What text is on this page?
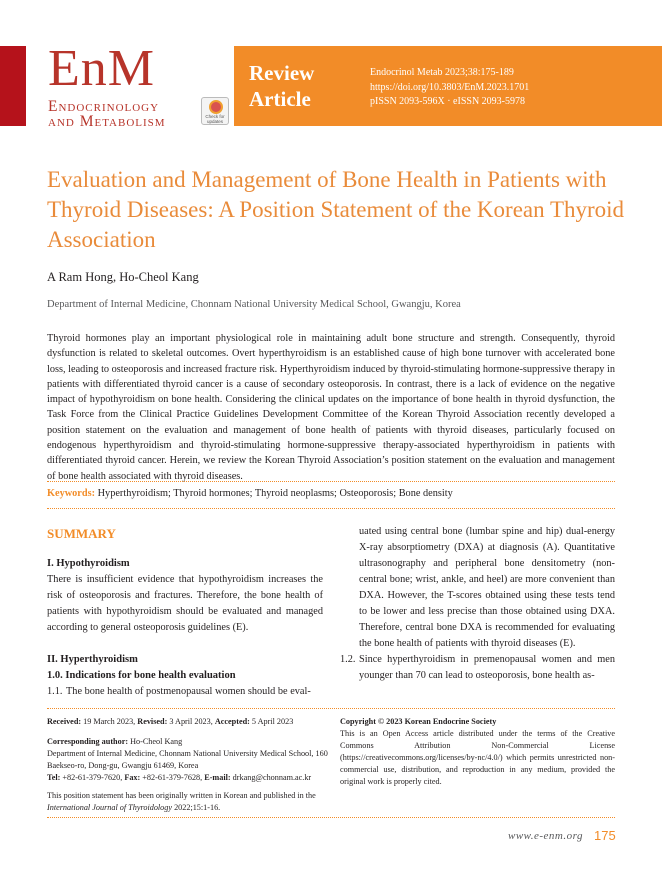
EnM
Endocrinology
and Metabolism	Check for updates
Review
Article
Endocrinol Metab 2023;38:175-189
https://doi.org/10.3803/EnM.2023.1701
pISSN 2093-596X · eISSN 2093-5978
Evaluation and Management of Bone Health in Patients with Thyroid Diseases: A Position Statement of the Korean Thyroid Association
A Ram Hong, Ho-Cheol Kang
Department of Internal Medicine, Chonnam National University Medical School, Gwangju, Korea

Thyroid hormones play an important physiological role in maintaining adult bone structure and strength. Consequently, thyroid dysfunction is related to skeletal outcomes. Overt hyperthyroidism is an established cause of high bone turnover with accelerated bone loss, leading to osteoporosis and increased fracture risk. Hyperthyroidism induced by thyroid-stimulating hormone-suppressive therapy in patients with differentiated thyroid cancer is a cause of secondary osteoporosis. In contrast, there is a lack of evidence on the negative impact of hypothyroidism on bone health. Considering the clinical updates on the importance of bone health in thyroid dysfunction, the Task Force from the Clinical Practice Guidelines Development Committee of the Korean Thyroid Association recently developed a position statement on the evaluation and management of bone health of patients with thyroid diseases, particularly focused on endogenous hyperthyroidism and thyroid-stimulating hormone-suppressive therapy-associated hyperthyroidism in patients with differentiated thyroid cancer. Herein, we review the Korean Thyroid Association’s position statement on the evaluation and management of bone health associated with thyroid diseases.

Keywords: Hyperthyroidism; Thyroid hormones; Thyroid neoplasms; Osteoporosis; Bone density
SUMMARY
I. Hypothyroidism
There is insufficient evidence that hypothyroidism increases the risk of osteoporosis and fractures. Therefore, the bone health of patients with hypothyroidism should be evaluated and managed according to general osteoporosis guidelines (E).
II. Hyperthyroidism
1.0. Indications for bone health evaluation
1.1. The bone health of postmenopausal women should be eval-
uated using central bone (lumbar spine and hip) dual-energy X-ray absorptiometry (DXA) at diagnosis (A). Quantitative ultrasonography and peripheral bone densitometry (non-central bone; wrist, ankle, and heel) are more convenient than DXA. However, the T-scores obtained using these tests tend to be lower and less precise than those obtained using DXA. Therefore, central bone DXA is recommended for evaluating the bone health of patients with thyroid diseases (E).
1.2. Since hyperthyroidism in premenopausal women and men younger than 70 can lead to osteoporosis, bone health as-
Received: 19 March 2023, Revised: 3 April 2023, Accepted: 5 April 2023
Corresponding author: Ho-Cheol Kang
Department of Internal Medicine, Chonnam National University Medical School, 160 Baekseo-ro, Dong-gu, Gwangju 61469, Korea
Tel: +82-61-379-7620, Fax: +82-61-379-7628, E-mail: drkang@chonnam.ac.kr
This position statement has been originally written in Korean and published in the International Journal of Thyroidology 2022;15:1-16.
Copyright © 2023 Korean Endocrine Society
This is an Open Access article distributed under the terms of the Creative Commons Attribution Non-Commercial License (https://creativecommons.org/licenses/by-nc/4.0/) which permits unrestricted non-commercial use, distribution, and reproduction in any medium, provided the original work is properly cited.
www.e-enm.org 175
